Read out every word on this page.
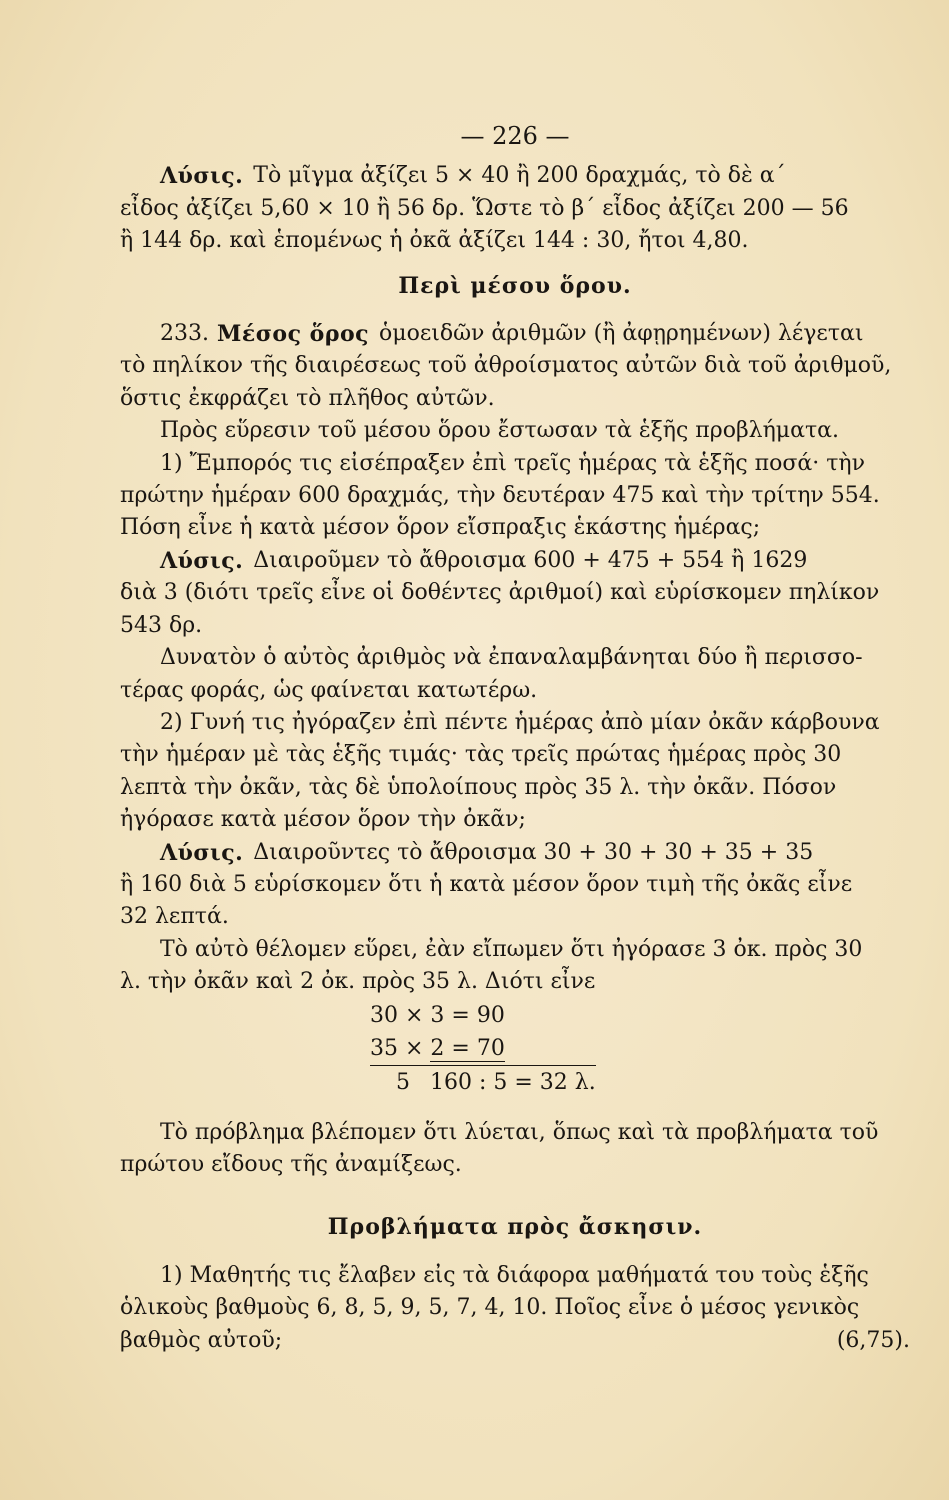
— 226 —
Λύσις. Τὸ μῖγμα ἀξίζει 5 × 40 ἢ 200 δραχμάς, τὸ δὲ α´
εἶδος ἀξίζει 5,60 × 10 ἢ 56 δρ. Ὥστε τὸ β´ εἶδος ἀξίζει 200 — 56
ἢ 144 δρ. καὶ ἑπομένως ἡ ὀκᾶ ἀξίζει 144 : 30, ἤτοι 4,80.
Περὶ μέσου ὅρου.
233. Μέσος ὅρος ὁμοειδῶν ἀριθμῶν (ἢ ἀφῃρημένων) λέγεται
τὸ πηλίκον τῆς διαιρέσεως τοῦ ἀθροίσματος αὐτῶν διὰ τοῦ ἀριθμοῦ,
ὅστις ἐκφράζει τὸ πλῆθος αὐτῶν.
Πρὸς εὕρεσιν τοῦ μέσου ὅρου ἔστωσαν τὰ ἑξῆς προβλήματα.
1) Ἔμπορός τις εἰσέπραξεν ἐπὶ τρεῖς ἡμέρας τὰ ἑξῆς ποσά· τὴν
πρώτην ἡμέραν 600 δραχμάς, τὴν δευτέραν 475 καὶ τὴν τρίτην 554.
Πόση εἶνε ἡ κατὰ μέσον ὅρον εἴσπραξις ἑκάστης ἡμέρας;
Λύσις. Διαιροῦμεν τὸ ἄθροισμα 600 + 475 + 554 ἢ 1629
διὰ 3 (διότι τρεῖς εἶνε οἱ δοθέντες ἀριθμοί) καὶ εὑρίσκομεν πηλίκον
543 δρ.
Δυνατὸν ὁ αὐτὸς ἀριθμὸς νὰ ἐπαναλαμβάνηται δύο ἢ περισσο-
τέρας φοράς, ὡς φαίνεται κατωτέρω.
2) Γυνή τις ἠγόραζεν ἐπὶ πέντε ἡμέρας ἀπὸ μίαν ὀκᾶν κάρβουνα
τὴν ἡμέραν μὲ τὰς ἑξῆς τιμάς· τὰς τρεῖς πρώτας ἡμέρας πρὸς 30
λεπτὰ τὴν ὀκᾶν, τὰς δὲ ὑπολοίπους πρὸς 35 λ. τὴν ὀκᾶν. Πόσον
ἠγόρασε κατὰ μέσον ὅρον τὴν ὀκᾶν;
Λύσις. Διαιροῦντες τὸ ἄθροισμα 30 + 30 + 30 + 35 + 35
ἢ 160 διὰ 5 εὑρίσκομεν ὅτι ἡ κατὰ μέσον ὅρον τιμὴ τῆς ὀκᾶς εἶνε
32 λεπτά.
Τὸ αὐτὸ θέλομεν εὕρει, ἐὰν εἴπωμεν ὅτι ἠγόρασε 3 ὀκ. πρὸς 30
λ. τὴν ὀκᾶν καὶ 2 ὀκ. πρὸς 35 λ. Διότι εἶνε
30 × 3 = 90
35 × 2 = 70
5 160 : 5 = 32 λ.
Τὸ πρόβλημα βλέπομεν ὅτι λύεται, ὅπως καὶ τὰ προβλήματα τοῦ
πρώτου εἴδους τῆς ἀναμίξεως.
Προβλήματα πρὸς ἄσκησιν.
1) Μαθητής τις ἔλαβεν εἰς τὰ διάφορα μαθήματά του τοὺς ἑξῆς
ὁλικοὺς βαθμοὺς 6, 8, 5, 9, 5, 7, 4, 10. Ποῖος εἶνε ὁ μέσος γενικὸς
βαθμὸς αὐτοῦ;	(6,75).
